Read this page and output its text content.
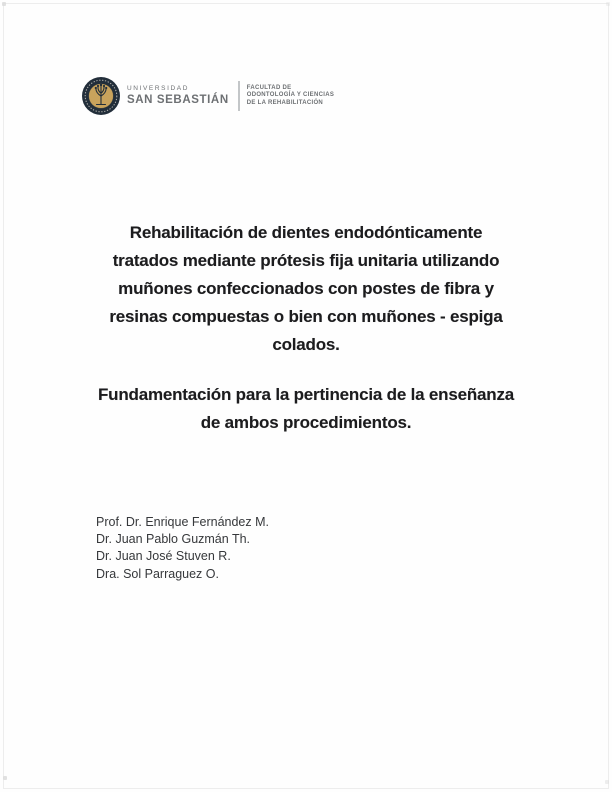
UNIVERSIDAD
SAN SEBASTIÁN
FACULTAD DE
ODONTOLOGÍA Y CIENCIAS
DE LA REHABILITACIÓN
Rehabilitación de dientes endodónticamente
tratados mediante prótesis fija unitaria utilizando
muñones confeccionados con postes de fibra y
resinas compuestas o bien con muñones - espiga
colados.
Fundamentación para la pertinencia de la enseñanza
de ambos procedimientos.
Prof. Dr. Enrique Fernández M.
Dr. Juan Pablo Guzmán Th.
Dr. Juan José Stuven R.
Dra. Sol Parraguez O.
